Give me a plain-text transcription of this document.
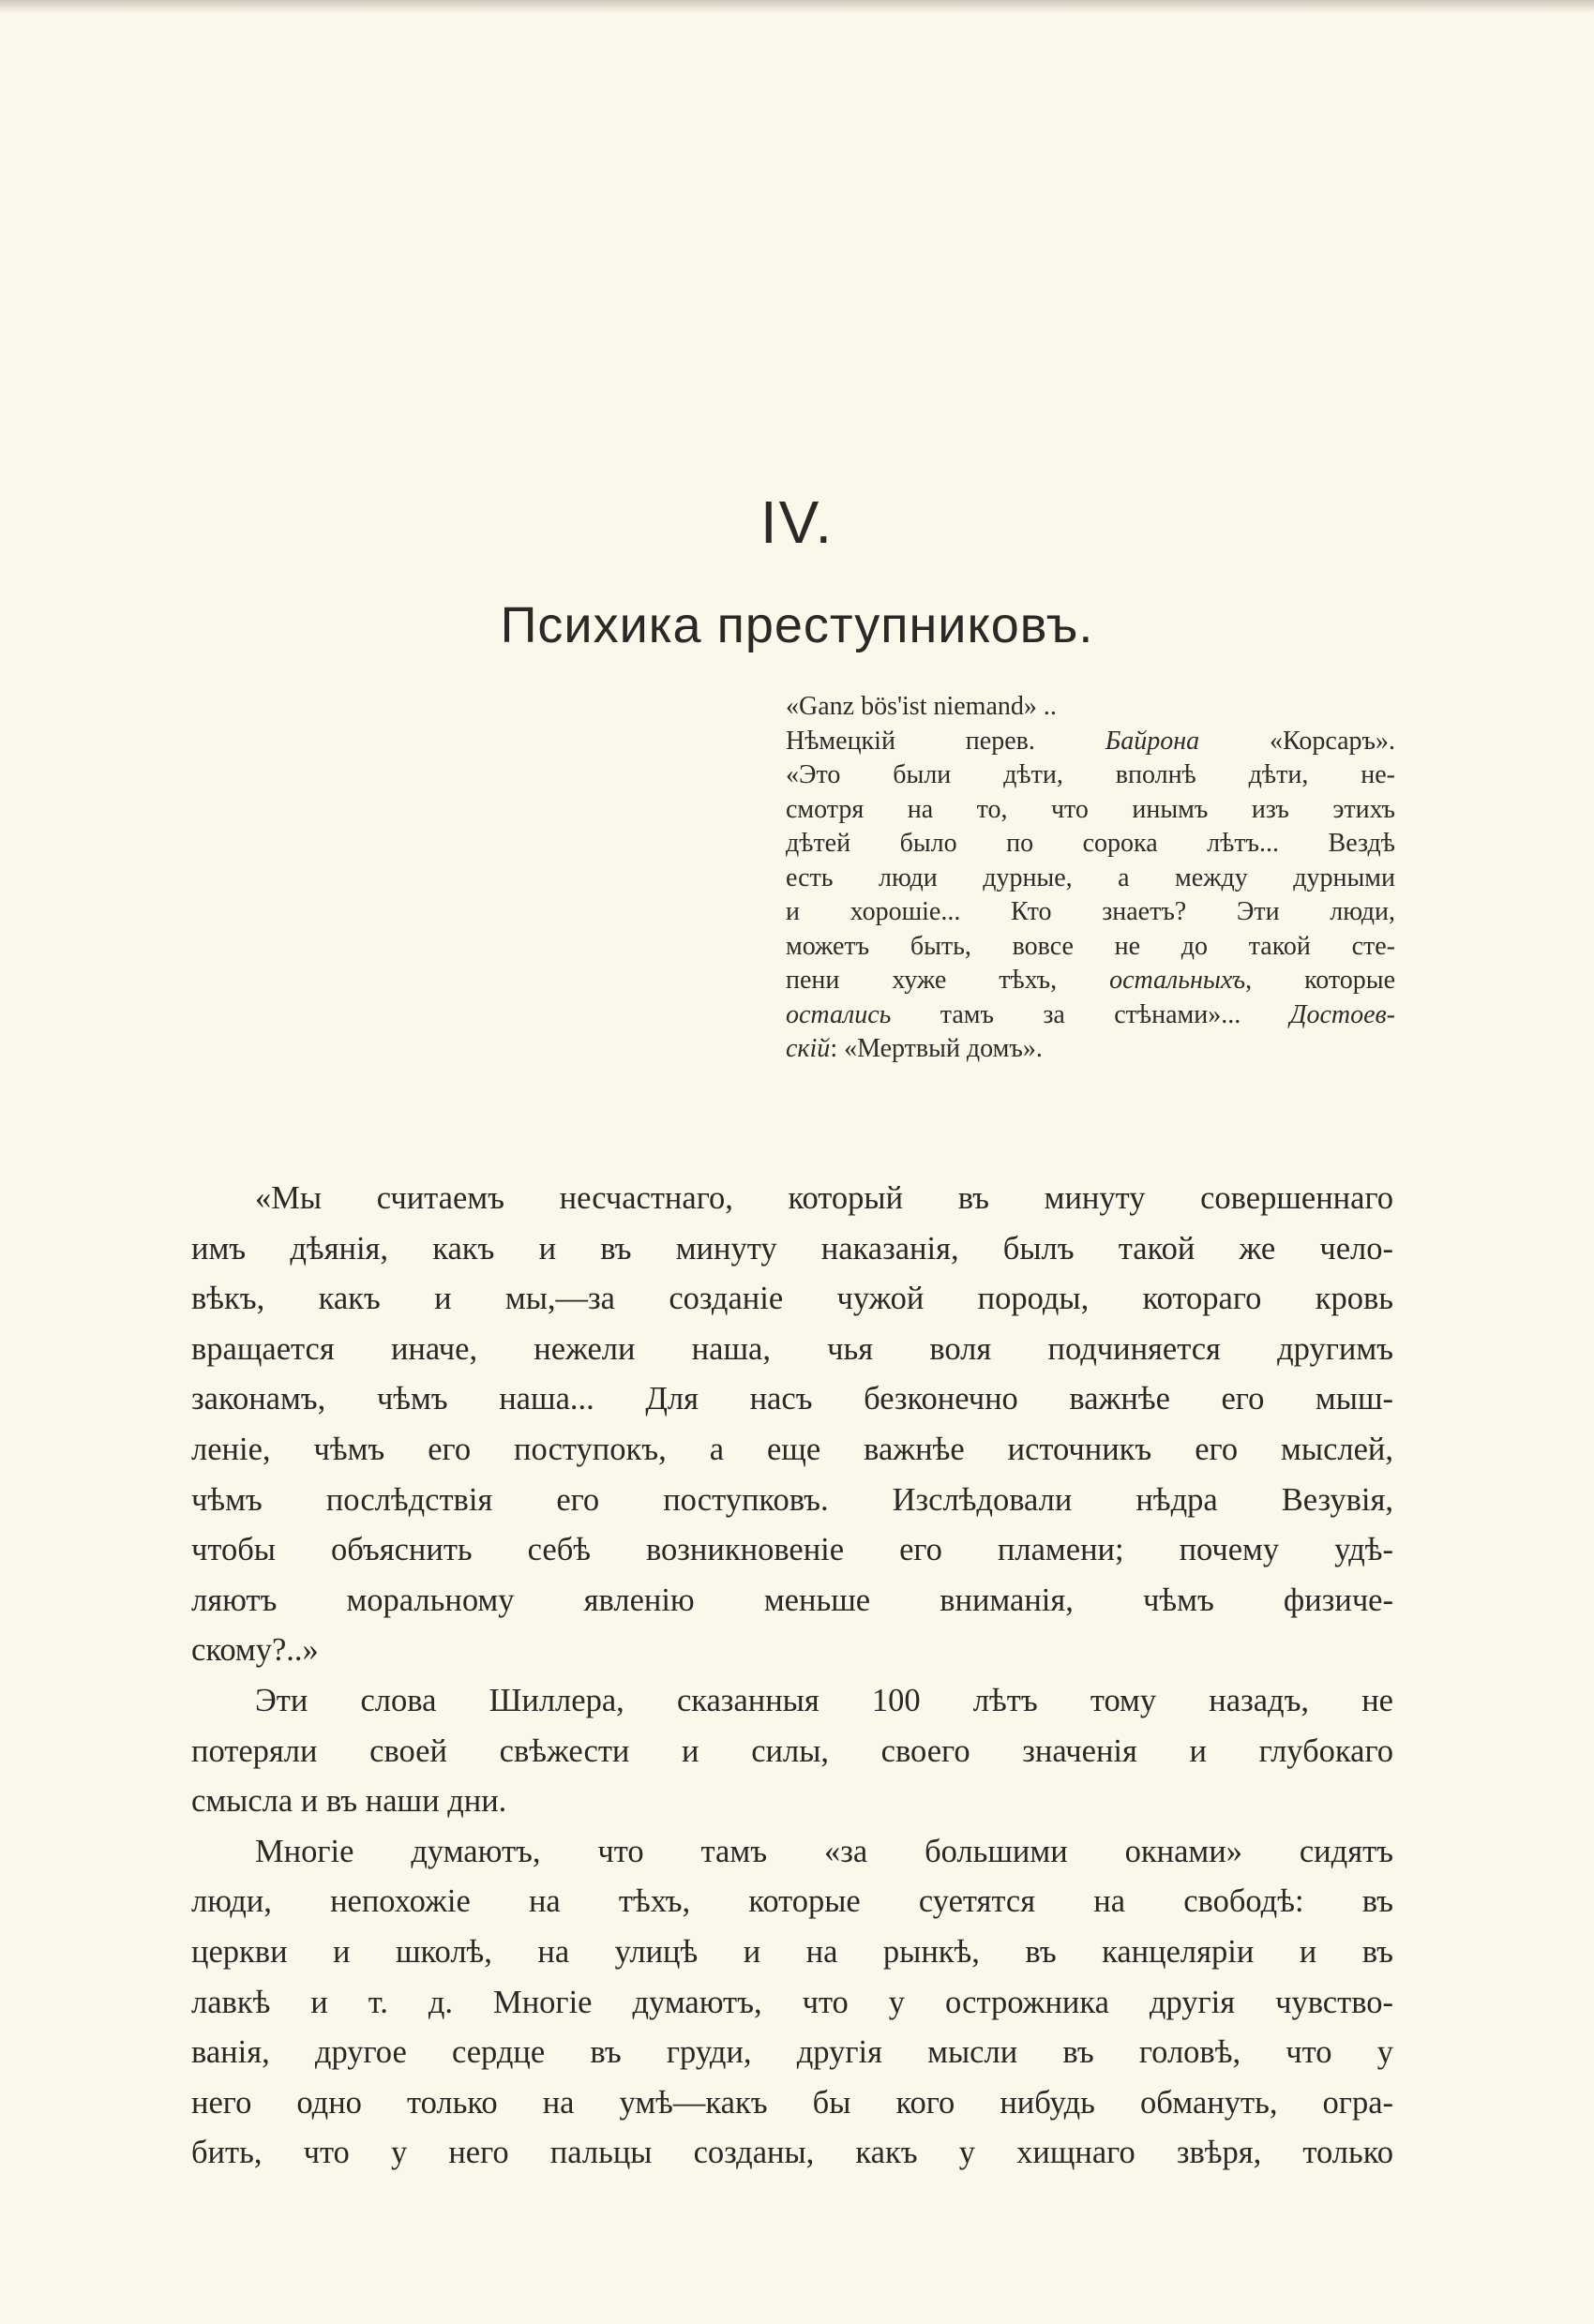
IV.
Психика преступниковъ.
«Ganz bös'ist niemand» ..
Нѣмецкій перев. Байрона «Корсаръ».
«Это были дѣти, вполнѣ дѣти, не-
смотря на то, что инымъ изъ этихъ
дѣтей было по сорока лѣтъ... Вездѣ
есть люди дурные, а между дурными
и хорошіе... Кто знаетъ? Эти люди,
можетъ быть, вовсе не до такой сте-
пени хуже тѣхъ, остальныхъ, которые
остались тамъ за стѣнами»... Достоев-
скій: «Мертвый домъ».
«Мы считаемъ несчастнаго, который въ минуту совершеннаго
имъ дѣянія, какъ и въ минуту наказанія, былъ такой же чело-
вѣкъ, какъ и мы,—за созданіе чужой породы, котораго кровь
вращается иначе, нежели наша, чья воля подчиняется другимъ
законамъ, чѣмъ наша... Для насъ безконечно важнѣе его мыш-
леніе, чѣмъ его поступокъ, а еще важнѣе источникъ его мыслей,
чѣмъ послѣдствія его поступковъ. Изслѣдовали нѣдра Везувія,
чтобы объяснить себѣ возникновеніе его пламени; почему удѣ-
ляютъ моральному явленію меньше вниманія, чѣмъ физиче-
скому?..»
Эти слова Шиллера, сказанныя 100 лѣтъ тому назадъ, не
потеряли своей свѣжести и силы, своего значенія и глубокаго
смысла и въ наши дни.
Многіе думаютъ, что тамъ «за большими окнами» сидятъ
люди, непохожіе на тѣхъ, которые суетятся на свободѣ: въ
церкви и школѣ, на улицѣ и на рынкѣ, въ канцеляріи и въ
лавкѣ и т. д. Многіе думаютъ, что у острожника другія чувство-
ванія, другое сердце въ груди, другія мысли въ головѣ, что у
него одно только на умѣ—какъ бы кого нибудь обмануть, огра-
бить, что у него пальцы созданы, какъ у хищнаго звѣря, только
